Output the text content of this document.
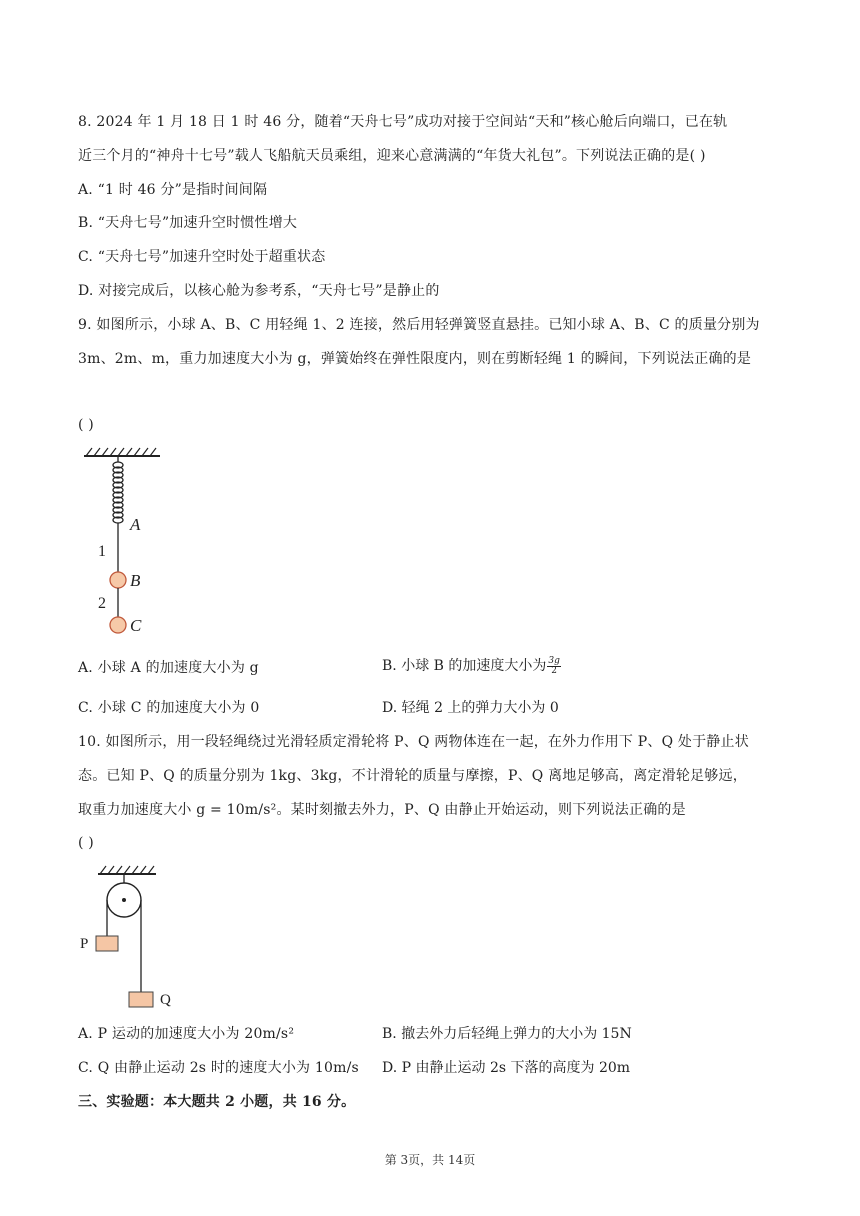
8. 2024 年 1 月 18 日 1 时 46 分，随着“天舟七号”成功对接于空间站“天和”核心舱后向端口，已在轨
近三个月的“神舟十七号”载人飞船航天员乘组，迎来心意满满的“年货大礼包”。下列说法正确的是( )
A. “1 时 46 分”是指时间间隔
B. “天舟七号”加速升空时惯性增大
C. “天舟七号”加速升空时处于超重状态
D. 对接完成后，以核心舱为参考系，“天舟七号”是静止的
9. 如图所示，小球 A、B、C 用轻绳 1、2 连接，然后用轻弹簧竖直悬挂。已知小球 A、B、C 的质量分别为
3m、2m、m，重力加速度大小为 g，弹簧始终在弹性限度内，则在剪断轻绳 1 的瞬间，下列说法正确的是
( )
A
1
B
2
C
A. 小球 A 的加速度大小为 g	B. 小球 B 的加速度大小为 $\frac{3g}{2}$
C. 小球 C 的加速度大小为 0	D. 轻绳 2 上的弹力大小为 0
10. 如图所示，用一段轻绳绕过光滑轻质定滑轮将 P、Q 两物体连在一起，在外力作用下 P、Q 处于静止状
态。已知 P、Q 的质量分别为 1kg、3kg，不计滑轮的质量与摩擦，P、Q 离地足够高，离定滑轮足够远，
取重力加速度大小 g = 10m/s²。某时刻撤去外力，P、Q 由静止开始运动，则下列说法正确的是
( )
P
Q
A. P 运动的加速度大小为 20m/s²	B. 撤去外力后轻绳上弹力的大小为 15N
C. Q 由静止运动 2s 时的速度大小为 10m/s D. P 由静止运动 2s 下落的高度为 20m
三、实验题：本大题共 2 小题，共 16 分。
第 3页，共 14页
